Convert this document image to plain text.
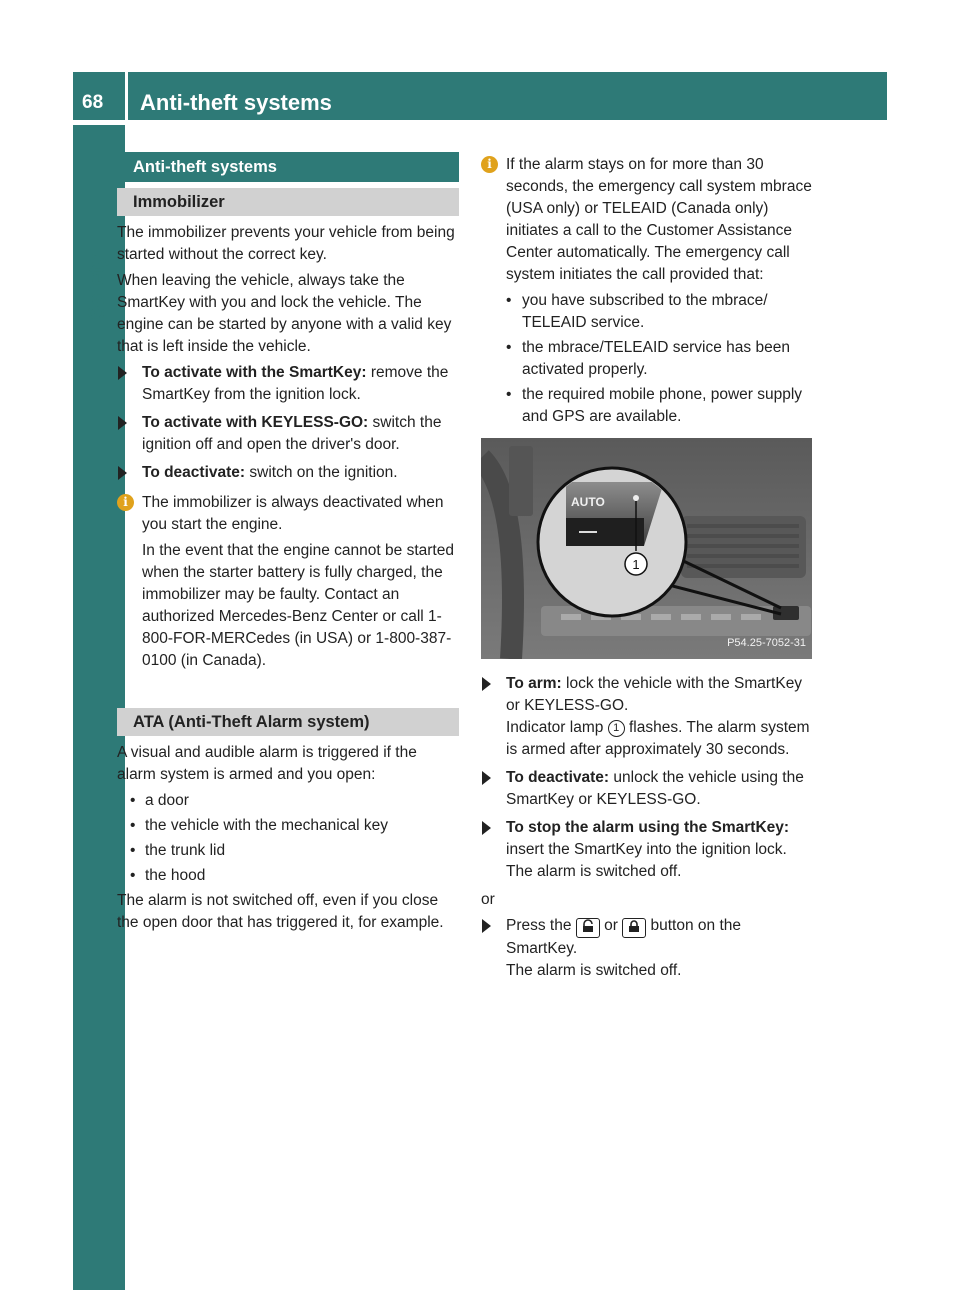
68 Anti-theft systems
Safety
Anti-theft systems
Immobilizer

The immobilizer prevents your vehicle from being started without the correct key.

When leaving the vehicle, always take the SmartKey with you and lock the vehicle. The engine can be started by anyone with a valid key that is left inside the vehicle.

To activate with the SmartKey: remove the SmartKey from the ignition lock.
To activate with KEYLESS-GO: switch the ignition off and open the driver's door.
To deactivate: switch on the ignition.
i The immobilizer is always deactivated when you start the engine.

In the event that the engine cannot be started when the starter battery is fully charged, the immobilizer may be faulty. Contact an authorized Mercedes-Benz Center or call 1-800-FOR-MERCedes (in USA) or 1-800-387-0100 (in Canada).

ATA (Anti-Theft Alarm system)

A visual and audible alarm is triggered if the alarm system is armed and you open:

• a door
• the vehicle with the mechanical key
• the trunk lid
• the hood

The alarm is not switched off, even if you close the open door that has triggered it, for example.

i If the alarm stays on for more than 30 seconds, the emergency call system mbrace (USA only) or TELEAID (Canada only) initiates a call to the Customer Assistance Center automatically. The emergency call system initiates the call provided that:

• you have subscribed to the mbrace/ TELEAID service.
• the mbrace/TELEAID service has been activated properly.
• the required mobile phone, power supply and GPS are available.
AUTO
1
P54.25-7052-31
To arm: lock the vehicle with the SmartKey or KEYLESS-GO.
Indicator lamp 1 flashes. The alarm system is armed after approximately 30 seconds.
To deactivate: unlock the vehicle using the SmartKey or KEYLESS-GO.
To stop the alarm using the SmartKey: insert the SmartKey into the ignition lock.
The alarm is switched off.

or

Press the  or  button on the SmartKey.
The alarm is switched off.
